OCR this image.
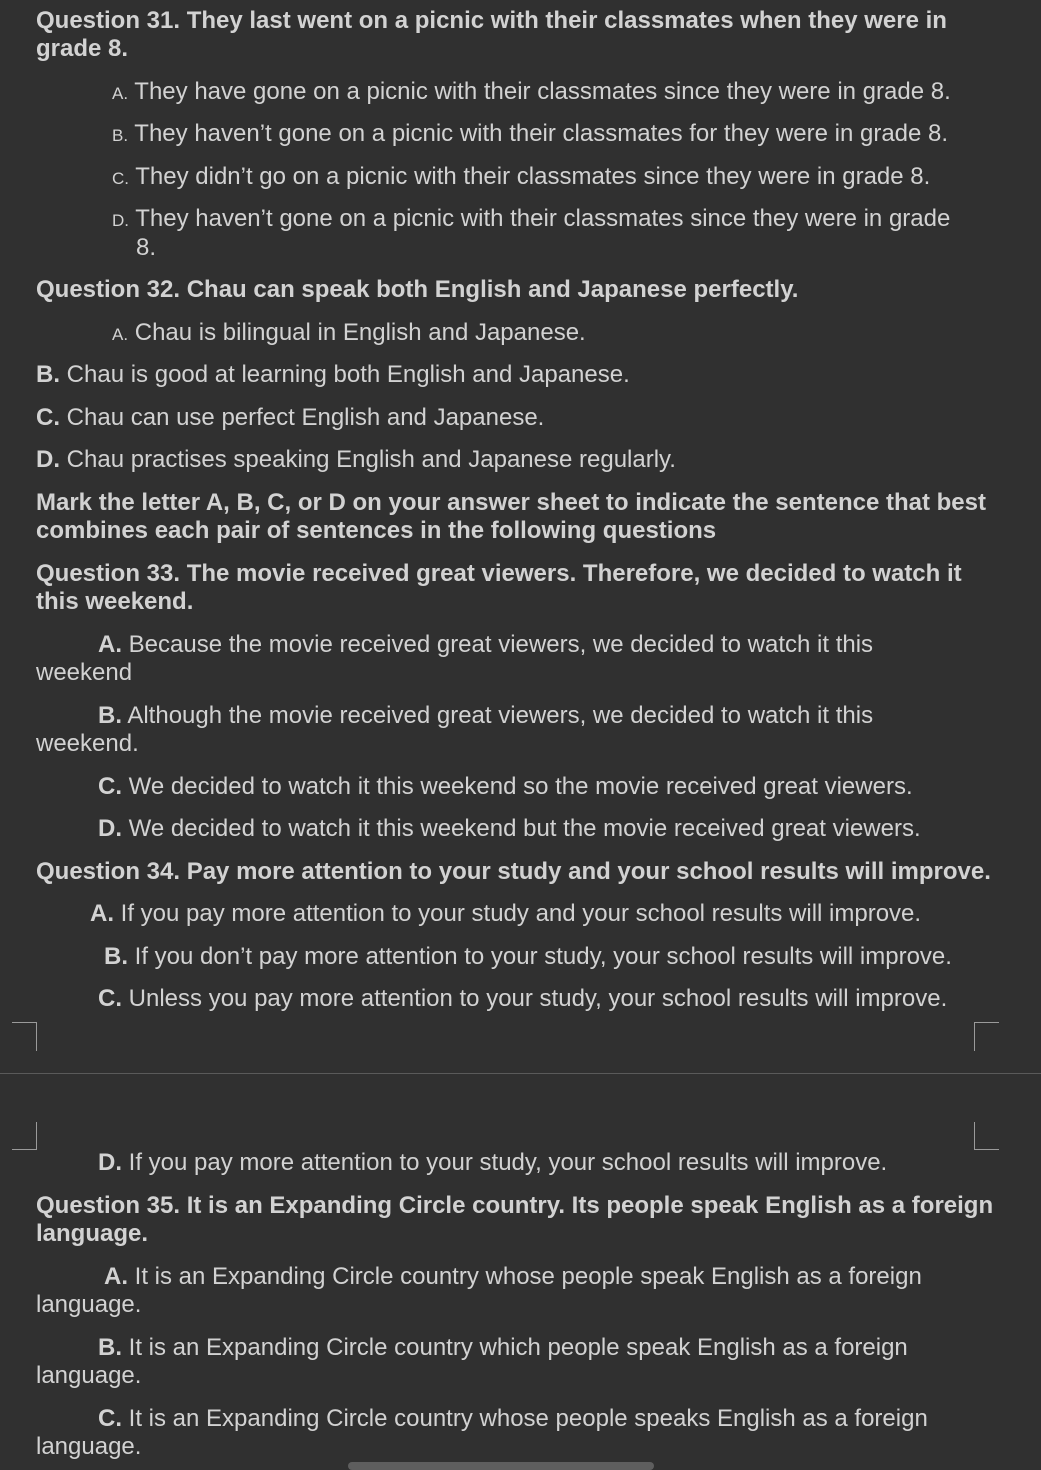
Question 31. They last went on a picnic with their classmates when they were in
grade 8.
A. They have gone on a picnic with their classmates since they were in grade 8.
B. They haven’t gone on a picnic with their classmates for they were in grade 8.
C. They didn’t go on a picnic with their classmates since they were in grade 8.
D. They haven’t gone on a picnic with their classmates since they were in grade
8.
Question 32. Chau can speak both English and Japanese perfectly.
A. Chau is bilingual in English and Japanese.
B. Chau is good at learning both English and Japanese.
C. Chau can use perfect English and Japanese.
D. Chau practises speaking English and Japanese regularly.
Mark the letter A, B, C, or D on your answer sheet to indicate the sentence that best
combines each pair of sentences in the following questions
Question 33. The movie received great viewers. Therefore, we decided to watch it
this weekend.
A. Because the movie received great viewers, we decided to watch it this
weekend
B. Although the movie received great viewers, we decided to watch it this
weekend.
C. We decided to watch it this weekend so the movie received great viewers.
D. We decided to watch it this weekend but the movie received great viewers.
Question 34. Pay more attention to your study and your school results will improve.
A. If you pay more attention to your study and your school results will improve.
B. If you don’t pay more attention to your study, your school results will improve.
C. Unless you pay more attention to your study, your school results will improve.
D. If you pay more attention to your study, your school results will improve.
Question 35. It is an Expanding Circle country. Its people speak English as a foreign
language.
A. It is an Expanding Circle country whose people speak English as a foreign
language.
B. It is an Expanding Circle country which people speak English as a foreign
language.
C. It is an Expanding Circle country whose people speaks English as a foreign
language.
